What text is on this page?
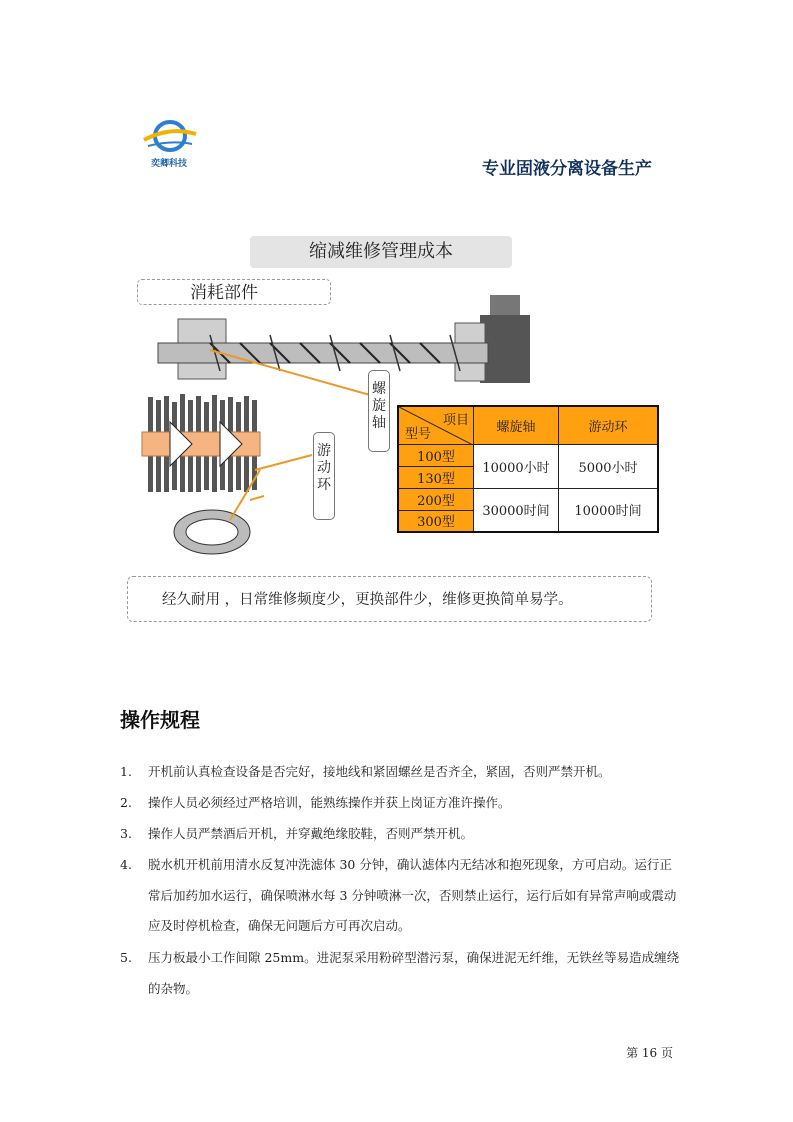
奕卿科技	专业固液分离设备生产
缩减维修管理成本
消耗部件
螺旋轴
游动环
项目
型号	螺旋轴	游动环
100型	10000小时	5000小时
130型		
200型	30000时间	10000时间
300型		
经久耐用 ，日常维修频度少，更换部件少，维修更换简单易学。
操作规程
1. 开机前认真检查设备是否完好，接地线和紧固螺丝是否齐全，紧固，否则严禁开机。
2. 操作人员必须经过严格培训，能熟练操作并获上岗证方准许操作。
3. 操作人员严禁酒后开机，并穿戴绝缘胶鞋，否则严禁开机。
4. 脱水机开机前用清水反复冲洗滤体 30 分钟，确认滤体内无结冰和抱死现象，方可启动。运行正常后加药加水运行，确保喷淋水每 3 分钟喷淋一次，否则禁止运行，运行后如有异常声响或震动应及时停机检查，确保无问题后方可再次启动。
5. 压力板最小工作间隙 25mm。进泥泵采用粉碎型潜污泵，确保进泥无纤维，无铁丝等易造成缠绕的杂物。
第 16 页
